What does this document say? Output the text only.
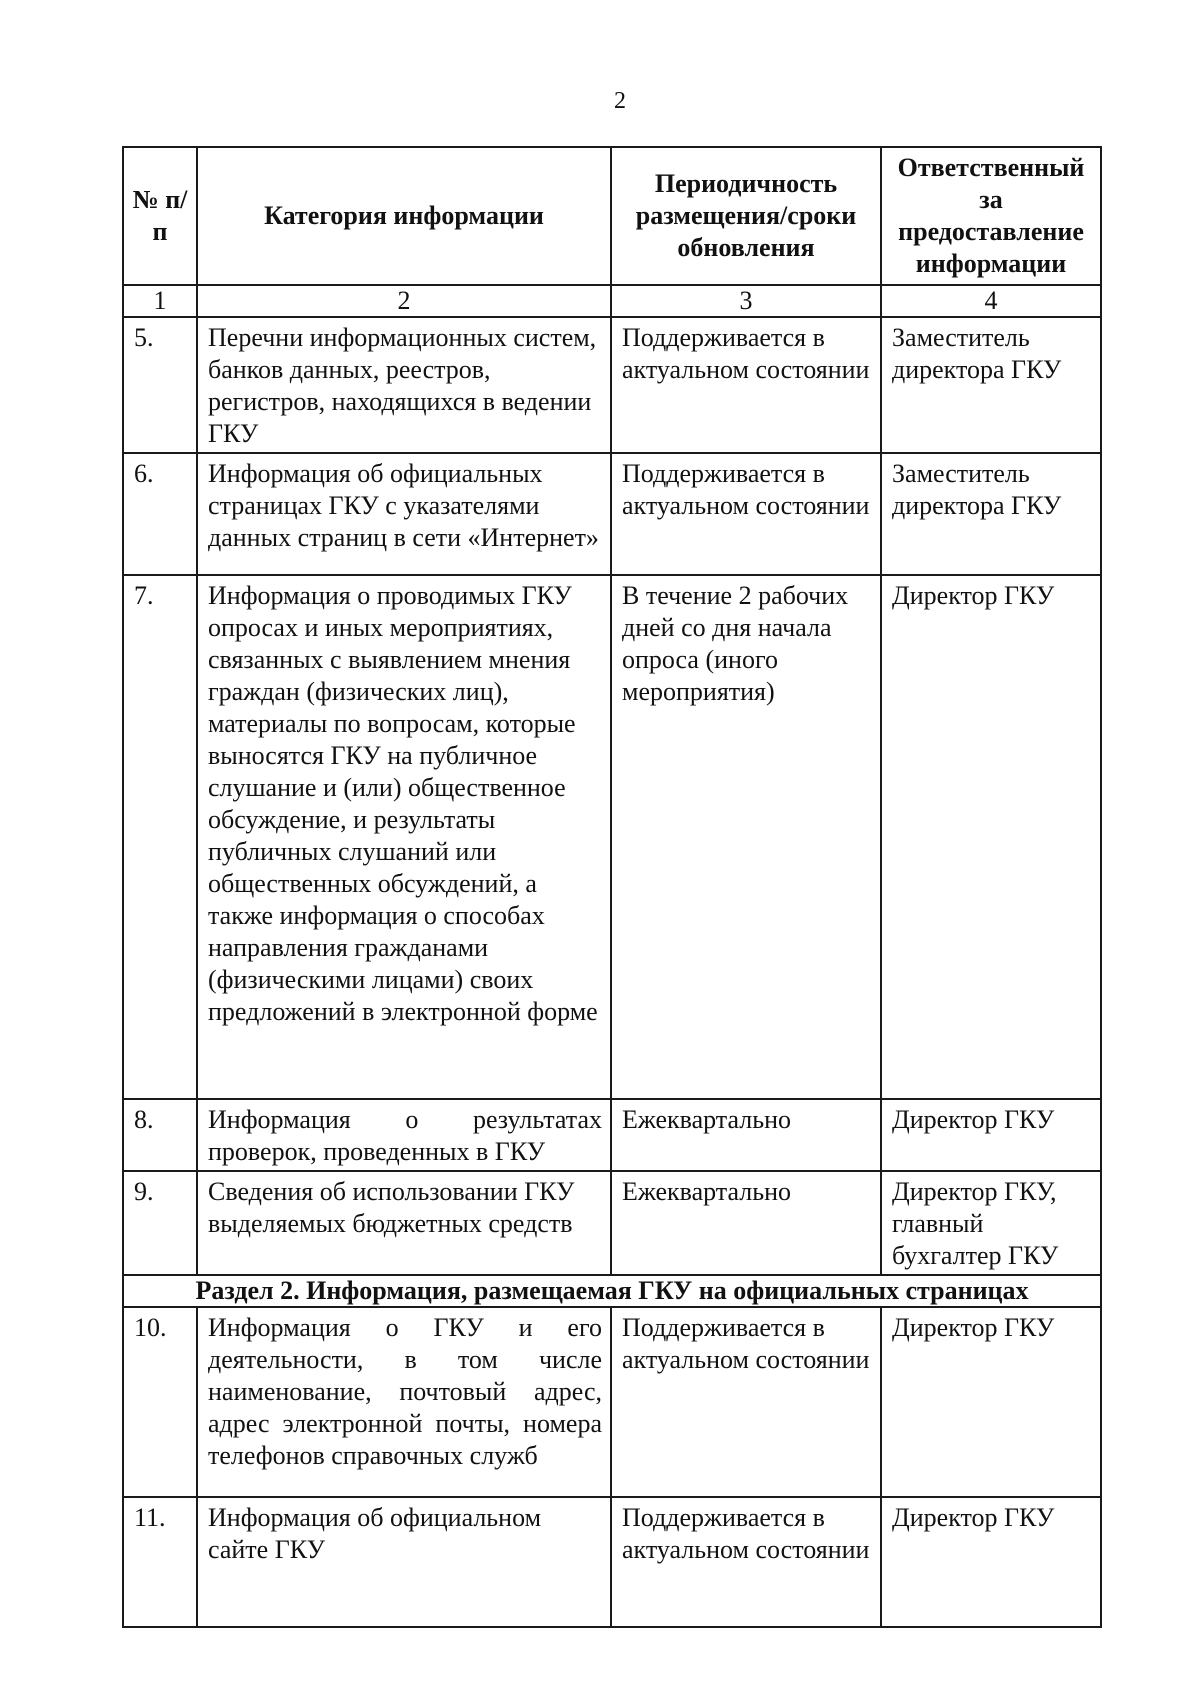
2
№ п/п	Категория информации	Периодичность размещения/сроки обновления	Ответственный за предоставление информации
1	2	3	4
5.	Перечни информационных систем, банков данных, реестров, регистров, находящихся в ведении ГКУ	Поддерживается в актуальном состоянии	Заместитель директора ГКУ
6.	Информация об официальных страницах ГКУ с указателями данных страниц в сети «Интернет»	Поддерживается в актуальном состоянии	Заместитель директора ГКУ
7.	Информация о проводимых ГКУ опросах и иных мероприятиях, связанных с выявлением мнения граждан (физических лиц), материалы по вопросам, которые выносятся ГКУ на публичное слушание и (или) общественное обсуждение, и результаты публичных слушаний или общественных обсуждений, а также информация о способах направления гражданами (физическими лицами) своих предложений в электронной форме	В течение 2 рабочих дней со дня начала опроса (иного мероприятия)	Директор ГКУ
8.	Информация о результатах проверок, проведенных в ГКУ	Ежеквартально	Директор ГКУ
9.	Сведения об использовании ГКУ выделяемых бюджетных средств	Ежеквартально	Директор ГКУ, главный бухгалтер ГКУ
Раздел 2. Информация, размещаемая ГКУ на официальных страницах			
10.	Информация о ГКУ и его деятельности, в том числе наименование, почтовый адрес, адрес электронной почты, номера телефонов справочных служб	Поддерживается в актуальном состоянии	Директор ГКУ
11.	Информация об официальном сайте ГКУ	Поддерживается в актуальном состоянии	Директор ГКУ
